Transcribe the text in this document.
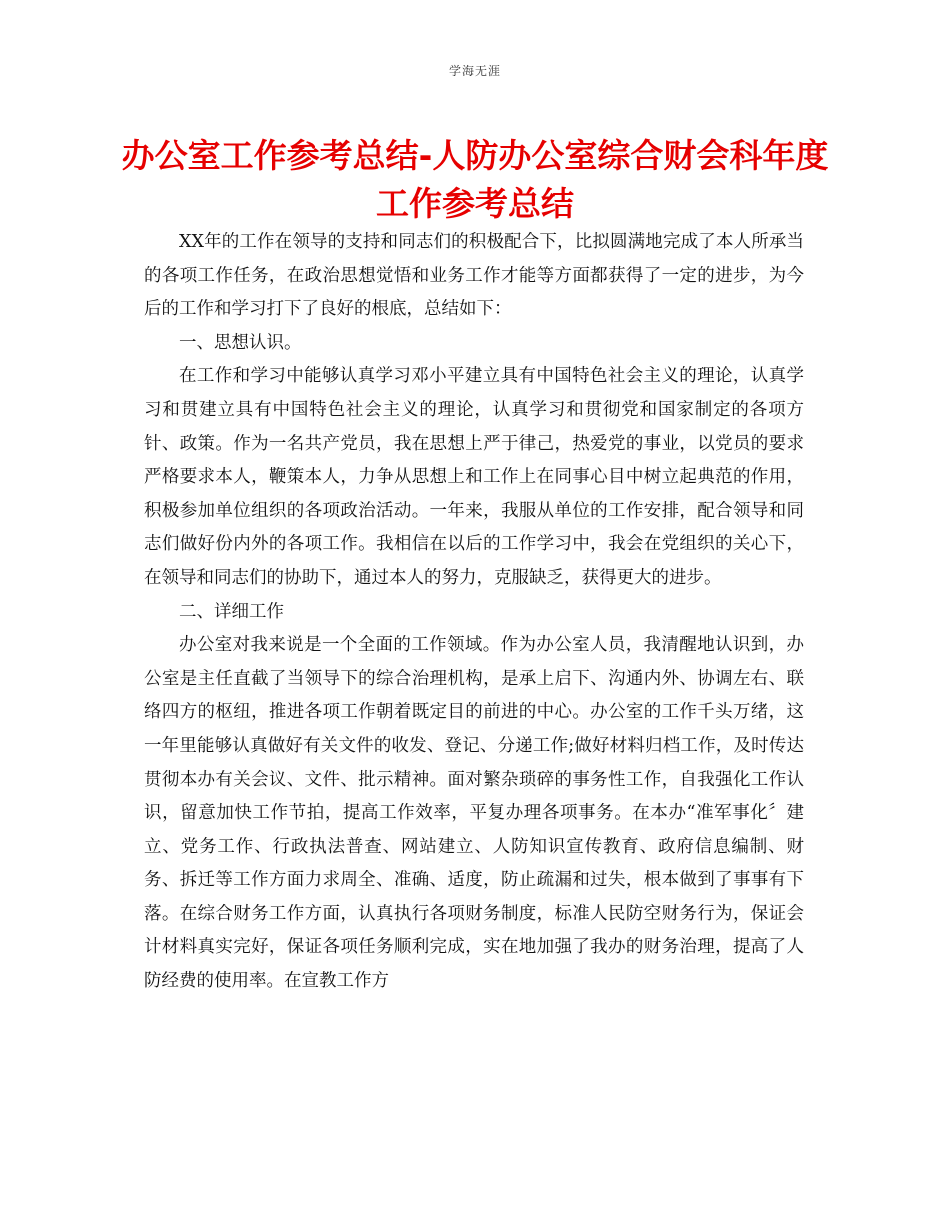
学海无涯
办公室工作参考总结-人防办公室综合财会科年度
工作参考总结

XX年的工作在领导的支持和同志们的积极配合下，比拟圆满地完成了本人所承当的各项工作任务，在政治思想觉悟和业务工作才能等方面都获得了一定的进步，为今后的工作和学习打下了良好的根底，总结如下：

一、思想认识。

在工作和学习中能够认真学习邓小平建立具有中国特色社会主义的理论，认真学习和贯建立具有中国特色社会主义的理论，认真学习和贯彻党和国家制定的各项方针、政策。作为一名共产党员，我在思想上严于律己，热爱党的事业，以党员的要求严格要求本人，鞭策本人，力争从思想上和工作上在同事心目中树立起典范的作用，积极参加单位组织的各项政治活动。一年来，我服从单位的工作安排，配合领导和同志们做好份内外的各项工作。我相信在以后的工作学习中，我会在党组织的关心下，在领导和同志们的协助下，通过本人的努力，克服缺乏，获得更大的进步。

二、详细工作

办公室对我来说是一个全面的工作领域。作为办公室人员，我清醒地认识到，办公室是主任直截了当领导下的综合治理机构，是承上启下、沟通内外、协调左右、联络四方的枢纽，推进各项工作朝着既定目的前进的中心。办公室的工作千头万绪，这一年里能够认真做好有关文件的收发、登记、分递工作;做好材料归档工作，及时传达贯彻本办有关会议、文件、批示精神。面对繁杂琐碎的事务性工作，自我强化工作认识，留意加快工作节拍，提高工作效率，平复办理各项事务。在本办“准军事化〞建立、党务工作、行政执法普查、网站建立、人防知识宣传教育、政府信息编制、财务、拆迁等工作方面力求周全、准确、适度，防止疏漏和过失，根本做到了事事有下落。在综合财务工作方面，认真执行各项财务制度，标准人民防空财务行为，保证会计材料真实完好，保证各项任务顺利完成，实在地加强了我办的财务治理，提高了人防经费的使用率。在宣教工作方
